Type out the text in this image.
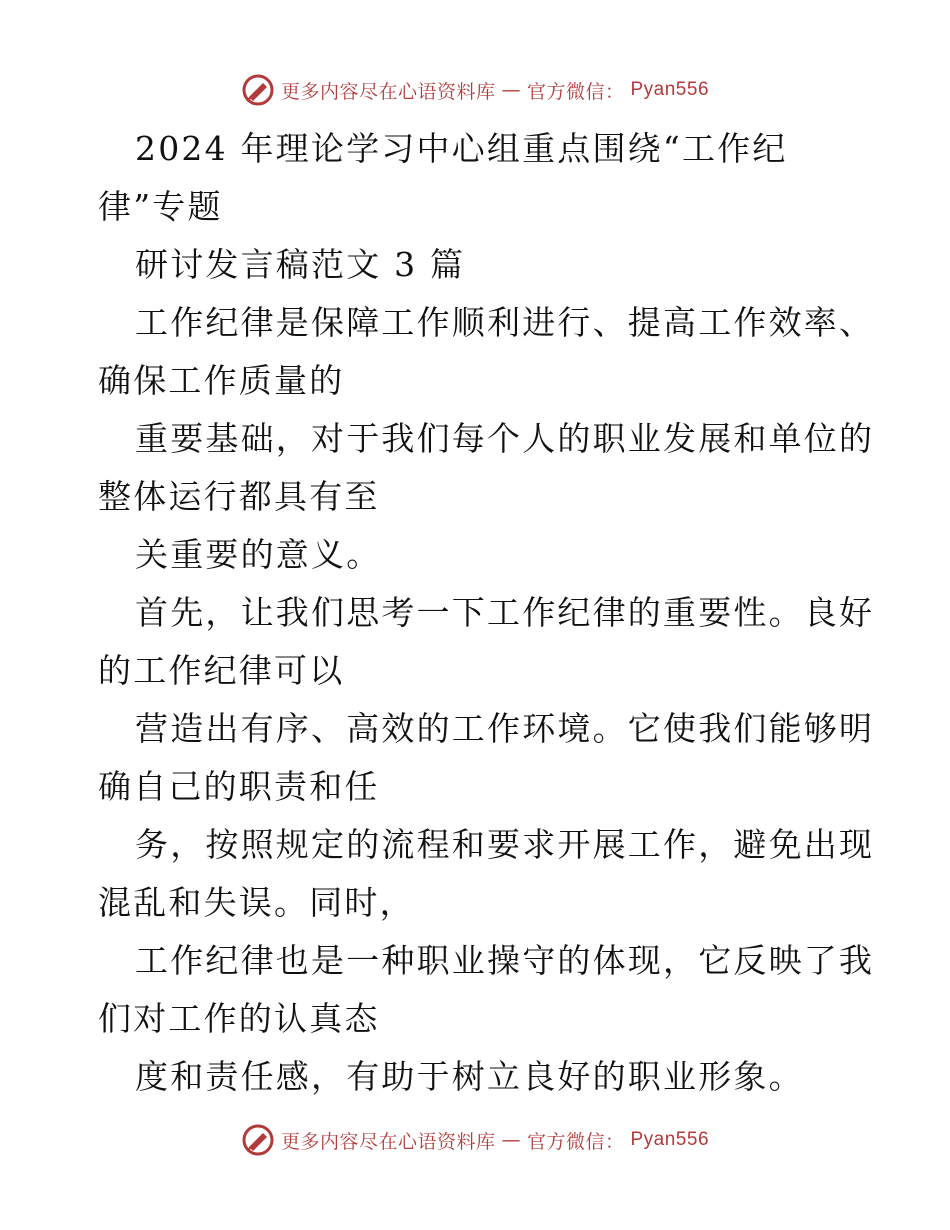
更多内容尽在心语资料库 — 官方微信： Pyan556
2024 年理论学习中心组重点围绕“工作纪
律”专题
研讨发言稿范文 3 篇
工作纪律是保障工作顺利进行、提高工作效率、
确保工作质量的
重要基础，对于我们每个人的职业发展和单位的
整体运行都具有至
关重要的意义。
首先，让我们思考一下工作纪律的重要性。良好
的工作纪律可以
营造出有序、高效的工作环境。它使我们能够明
确自己的职责和任
务，按照规定的流程和要求开展工作，避免出现
混乱和失误。同时，
工作纪律也是一种职业操守的体现，它反映了我
们对工作的认真态
度和责任感，有助于树立良好的职业形象。
更多内容尽在心语资料库 — 官方微信： Pyan556
